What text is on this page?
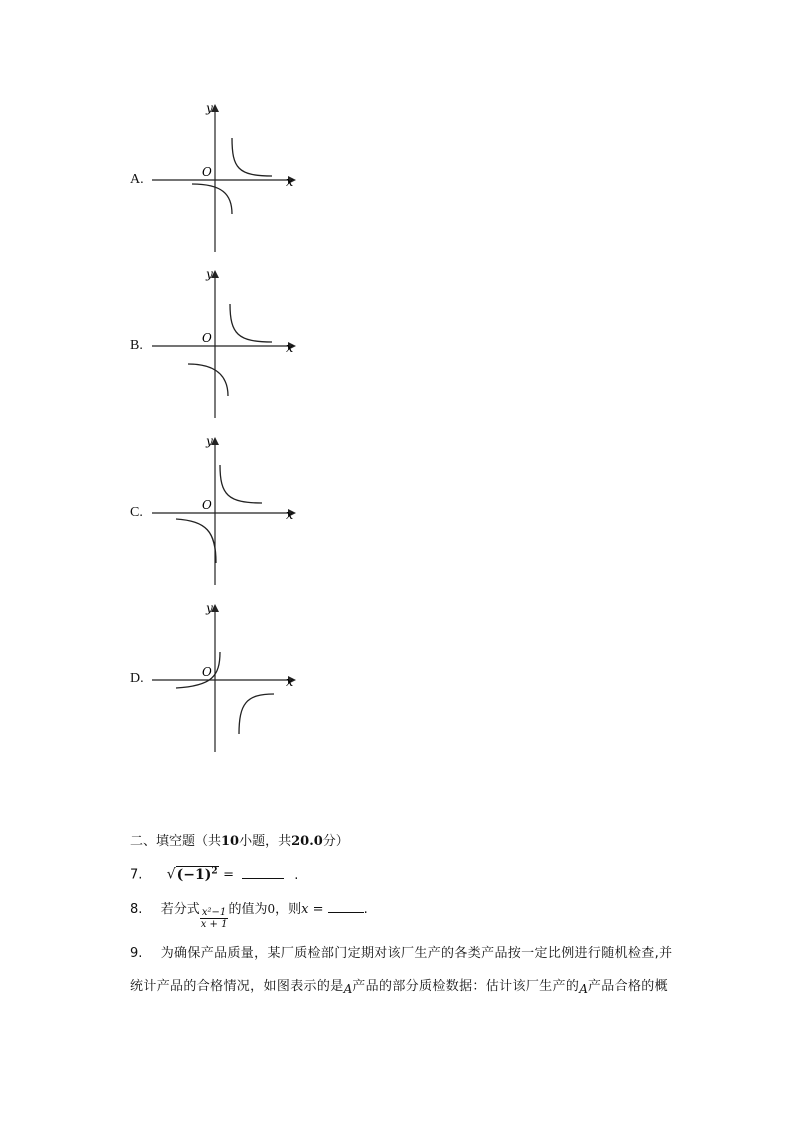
A.
y
x
O
B.
y
x
O
C.
y
x
O
D.
y
x
O
二、填空题（共10小题，共20.0分）
7. $√(-1)^2$ =	.
8. 若分式 $\frac{\text{x²−1}}{x + 1}$ 的值为0，则x =	.
9. 为确保产品质量，某厂质检部门定期对该厂生产的各类产品按一定比例进行随机检查,并
统计产品的合格情况，如图表示的是A产品的部分质检数据：估计该厂生产的A产品合格的概
